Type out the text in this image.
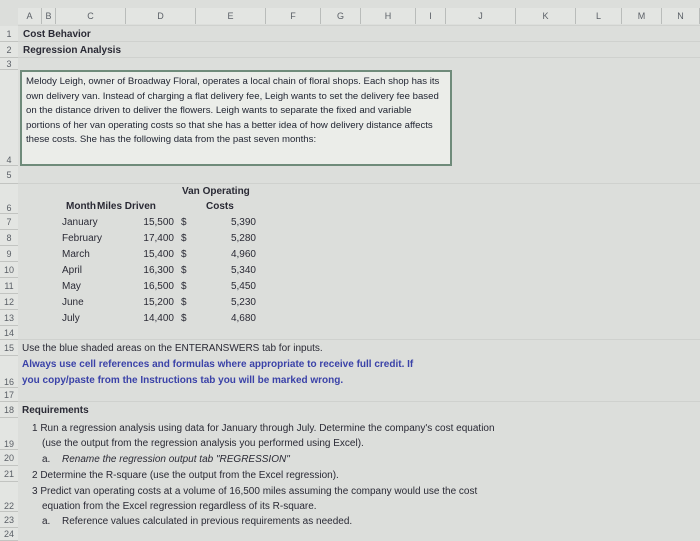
A	B	C	D	E	F	G	H	I	J	K	L	M	N
1
2
3
4
5
6
7
8
9
10
11
12
13
14
15
16
17
18
19
20
21
22
23
24
Cost Behavior
Regression Analysis
Melody Leigh, owner of Broadway Floral, operates a local chain of floral shops. Each shop has its own delivery van. Instead of charging a flat delivery fee, Leigh wants to set the delivery fee based on the distance driven to deliver the flowers. Leigh wants to separate the fixed and variable portions of her van operating costs so that she has a better idea of how delivery distance affects these costs. She has the following data from the past seven months:
Van Operating
Month Miles Driven	Costs
January	15,500 $	5,390
February	17,400 $	5,280
March	15,400 $	4,960
April	16,300 $	5,340
May	16,500 $	5,450
June	15,200 $	5,230
July	14,400 $	4,680
Use the blue shaded areas on the ENTERANSWERS tab for inputs.
Always use cell references and formulas where appropriate to receive full credit. If
you copy/paste from the Instructions tab you will be marked wrong.
Requirements
1 Run a regression analysis using data for January through July. Determine the company's cost equation
(use the output from the regression analysis you performed using Excel).
a. Rename the regression output tab "REGRESSION"
2 Determine the R-square (use the output from the Excel regression).
3 Predict van operating costs at a volume of 16,500 miles assuming the company would use the cost
equation from the Excel regression regardless of its R-square.
a. Reference values calculated in previous requirements as needed.
